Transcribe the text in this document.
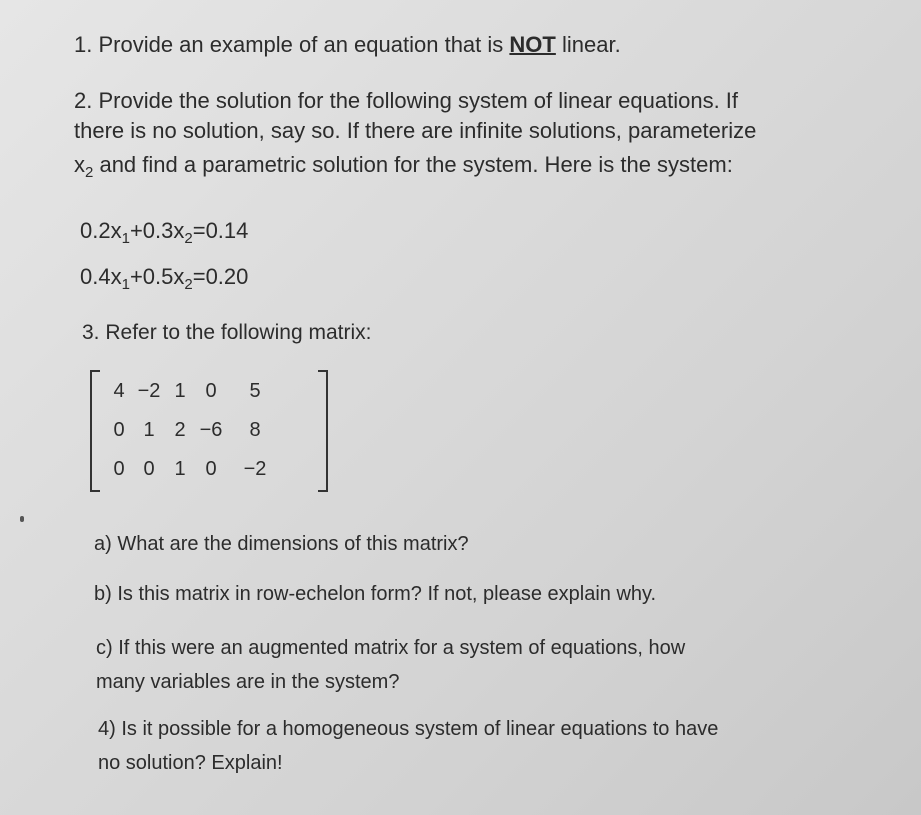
1. Provide an example of an equation that is NOT linear.
2. Provide the solution for the following system of linear equations. If
there is no solution, say so. If there are infinite solutions, parameterize
$x_2$ and find a parametric solution for the system. Here is the system:
$0.2x_1+0.3x_2=0.14$
$0.4x_1+0.5x_2=0.20$
3. Refer to the following matrix:
4 −2 1 0 5
0 1 2 −6 8
0 0 1 0 −2
a) What are the dimensions of this matrix?
b) Is this matrix in row-echelon form? If not, please explain why.
c) If this were an augmented matrix for a system of equations, how
many variables are in the system?
4) Is it possible for a homogeneous system of linear equations to have
no solution? Explain!
